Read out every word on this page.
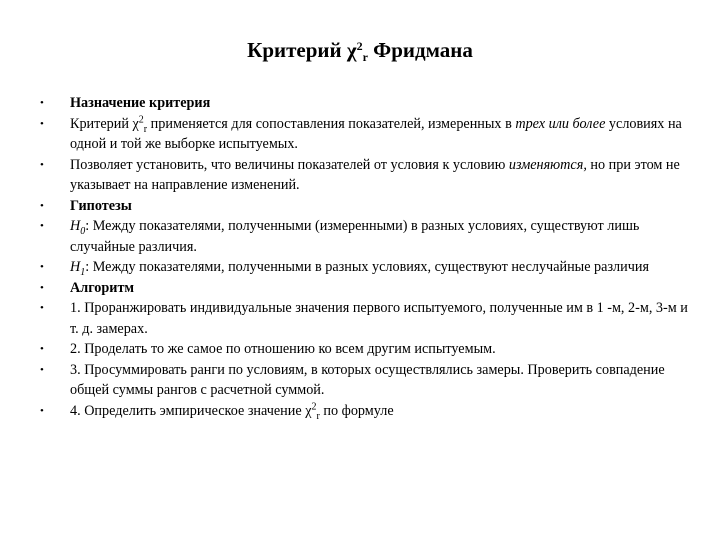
Критерий $\chi^2_r$ Фридмана
• Назначение критерия
• Критерий $\chi^2_r$ применяется для сопоставления показателей, измеренных в трех или более условиях на одной и той же выборке испытуемых.
• Позволяет установить, что величины показателей от условия к условию изменяются, но при этом не указывает на направление изменений.
• Гипотезы
• $H_0$: Между показателями, полученными (измеренными) в разных условиях, существуют лишь случайные различия.
• $H_1$: Между показателями, полученными в разных условиях, существуют неслучайные различия
• Алгоритм
• 1. Проранжировать индивидуальные значения первого испытуемого, полученные им в 1 -м, 2-м, 3-м и т. д. замерах.
• 2. Проделать то же самое по отношению ко всем другим испытуемым.
• 3. Просуммировать ранги по условиям, в которых осуществлялись замеры. Проверить совпадение общей суммы рангов с расчетной суммой.
• 4. Определить эмпирическое значение $\chi^2_r$ по формуле
